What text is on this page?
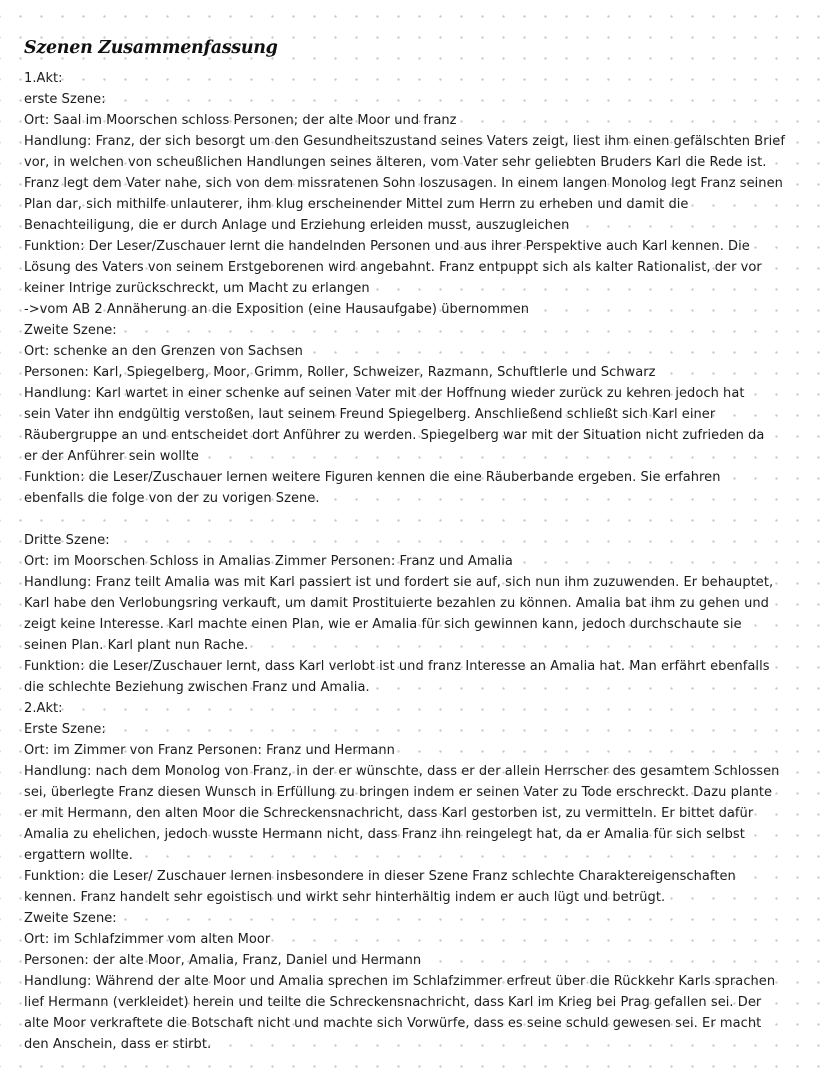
Szenen Zusammenfassung
1.Akt:
erste Szene:
Ort: Saal im Moorschen schloss Personen; der alte Moor und franz
Handlung: Franz, der sich besorgt um den Gesundheitszustand seines Vaters zeigt, liest ihm einen gefälschten Brief
vor, in welchen von scheußlichen Handlungen seines älteren, vom Vater sehr geliebten Bruders Karl die Rede ist.
Franz legt dem Vater nahe, sich von dem missratenen Sohn loszusagen. In einem langen Monolog legt Franz seinen
Plan dar, sich mithilfe unlauterer, ihm klug erscheinender Mittel zum Herrn zu erheben und damit die
Benachteiligung, die er durch Anlage und Erziehung erleiden musst, auszugleichen
Funktion: Der Leser/Zuschauer lernt die handelnden Personen und aus ihrer Perspektive auch Karl kennen. Die
Lösung des Vaters von seinem Erstgeborenen wird angebahnt. Franz entpuppt sich als kalter Rationalist, der vor
keiner Intrige zurückschreckt, um Macht zu erlangen
->vom AB 2 Annäherung an die Exposition (eine Hausaufgabe) übernommen
Zweite Szene:
Ort: schenke an den Grenzen von Sachsen
Personen: Karl, Spiegelberg, Moor, Grimm, Roller, Schweizer, Razmann, Schuftlerle und Schwarz
Handlung: Karl wartet in einer schenke auf seinen Vater mit der Hoffnung wieder zurück zu kehren jedoch hat
sein Vater ihn endgültig verstoßen, laut seinem Freund Spiegelberg. Anschließend schließt sich Karl einer
Räubergruppe an und entscheidet dort Anführer zu werden. Spiegelberg war mit der Situation nicht zufrieden da
er der Anführer sein wollte
Funktion: die Leser/Zuschauer lernen weitere Figuren kennen die eine Räuberbande ergeben. Sie erfahren
ebenfalls die folge von der zu vorigen Szene.
Dritte Szene:
Ort: im Moorschen Schloss in Amalias Zimmer Personen: Franz und Amalia
Handlung: Franz teilt Amalia was mit Karl passiert ist und fordert sie auf, sich nun ihm zuzuwenden. Er behauptet,
Karl habe den Verlobungsring verkauft, um damit Prostituierte bezahlen zu können. Amalia bat ihm zu gehen und
zeigt keine Interesse. Karl machte einen Plan, wie er Amalia für sich gewinnen kann, jedoch durchschaute sie
seinen Plan. Karl plant nun Rache.
Funktion: die Leser/Zuschauer lernt, dass Karl verlobt ist und franz Interesse an Amalia hat. Man erfährt ebenfalls
die schlechte Beziehung zwischen Franz und Amalia.
2.Akt:
Erste Szene:
Ort: im Zimmer von Franz Personen: Franz und Hermann
Handlung: nach dem Monolog von Franz, in der er wünschte, dass er der allein Herrscher des gesamtem Schlossen
sei, überlegte Franz diesen Wunsch in Erfüllung zu bringen indem er seinen Vater zu Tode erschreckt. Dazu plante
er mit Hermann, den alten Moor die Schreckensnachricht, dass Karl gestorben ist, zu vermitteln. Er bittet dafür
Amalia zu ehelichen, jedoch wusste Hermann nicht, dass Franz ihn reingelegt hat, da er Amalia für sich selbst
ergattern wollte.
Funktion: die Leser/ Zuschauer lernen insbesondere in dieser Szene Franz schlechte Charaktereigenschaften
kennen. Franz handelt sehr egoistisch und wirkt sehr hinterhältig indem er auch lügt und betrügt.
Zweite Szene:
Ort: im Schlafzimmer vom alten Moor
Personen: der alte Moor, Amalia, Franz, Daniel und Hermann
Handlung: Während der alte Moor und Amalia sprechen im Schlafzimmer erfreut über die Rückkehr Karls sprachen
lief Hermann (verkleidet) herein und teilte die Schreckensnachricht, dass Karl im Krieg bei Prag gefallen sei. Der
alte Moor verkraftete die Botschaft nicht und machte sich Vorwürfe, dass es seine schuld gewesen sei. Er macht
den Anschein, dass er stirbt.
